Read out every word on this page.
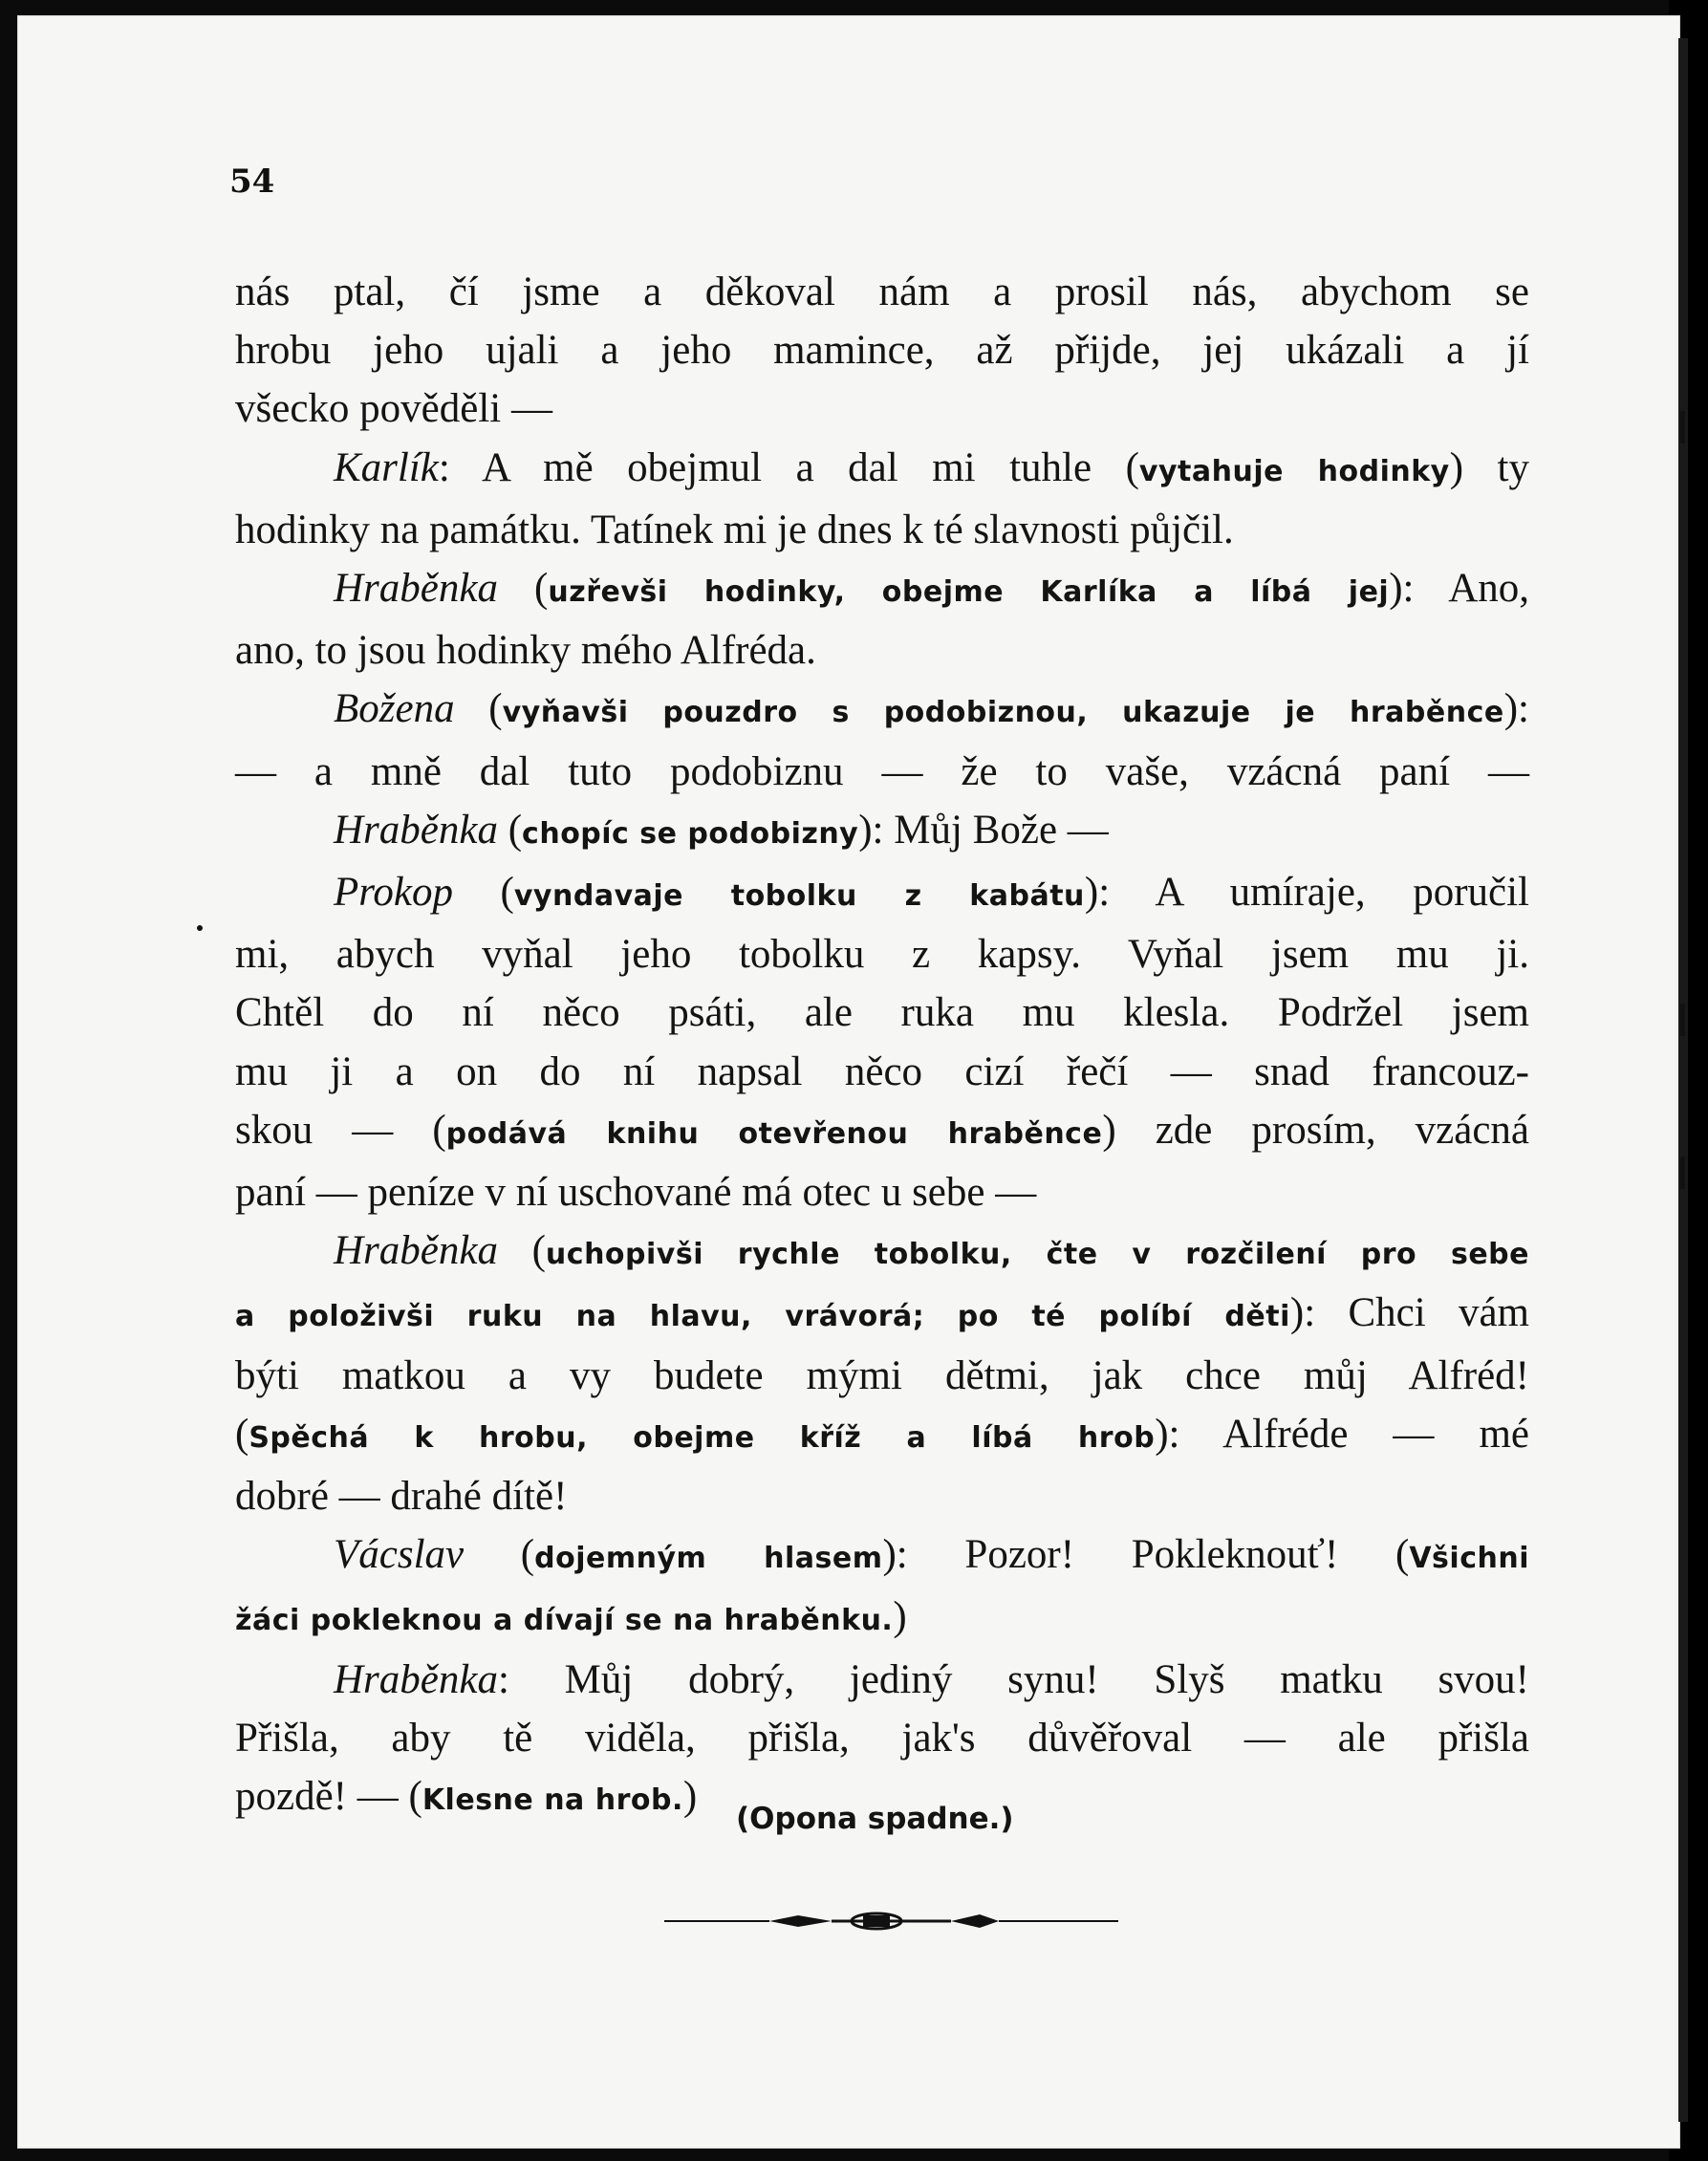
54
nás ptal, čí jsme a děkoval nám a prosil nás, abychom se
hrobu jeho ujali a jeho mamince, až přijde, jej ukázali a jí
všecko pověděli —
Karlík: A mě obejmul a dal mi tuhle (vytahuje hodinky) ty
hodinky na památku. Tatínek mi je dnes k té slavnosti půjčil.
Hraběnka (uzřevši hodinky, obejme Karlíka a líbá jej): Ano,
ano, to jsou hodinky mého Alfréda.
Božena (vyňavši pouzdro s podobiznou, ukazuje je hraběnce):
— a mně dal tuto podobiznu — že to vaše, vzácná paní —
Hraběnka (chopíc se podobizny): Můj Bože —
Prokop (vyndavaje tobolku z kabátu): A umíraje, poručil
mi, abych vyňal jeho tobolku z kapsy. Vyňal jsem mu ji.
Chtěl do ní něco psáti, ale ruka mu klesla. Podržel jsem
mu ji a on do ní napsal něco cizí řečí — snad francouz-
skou — (podává knihu otevřenou hraběnce) zde prosím, vzácná
paní — peníze v ní uschované má otec u sebe —
Hraběnka (uchopivši rychle tobolku, čte v rozčilení pro sebe
a položivši ruku na hlavu, vrávorá; po té políbí děti): Chci vám
býti matkou a vy budete mými dětmi, jak chce můj Alfréd!
(Spěchá k hrobu, obejme kříž a líbá hrob): Alfréde — mé
dobré — drahé dítě!
Vácslav (dojemným hlasem): Pozor! Pokleknouť! (Všichni
žáci pokleknou a dívají se na hraběnku.)
Hraběnka: Můj dobrý, jediný synu! Slyš matku svou!
Přišla, aby tě viděla, přišla, jak's důvěřoval — ale přišla
pozdě! — (Klesne na hrob.)	(Opona spadne.)
